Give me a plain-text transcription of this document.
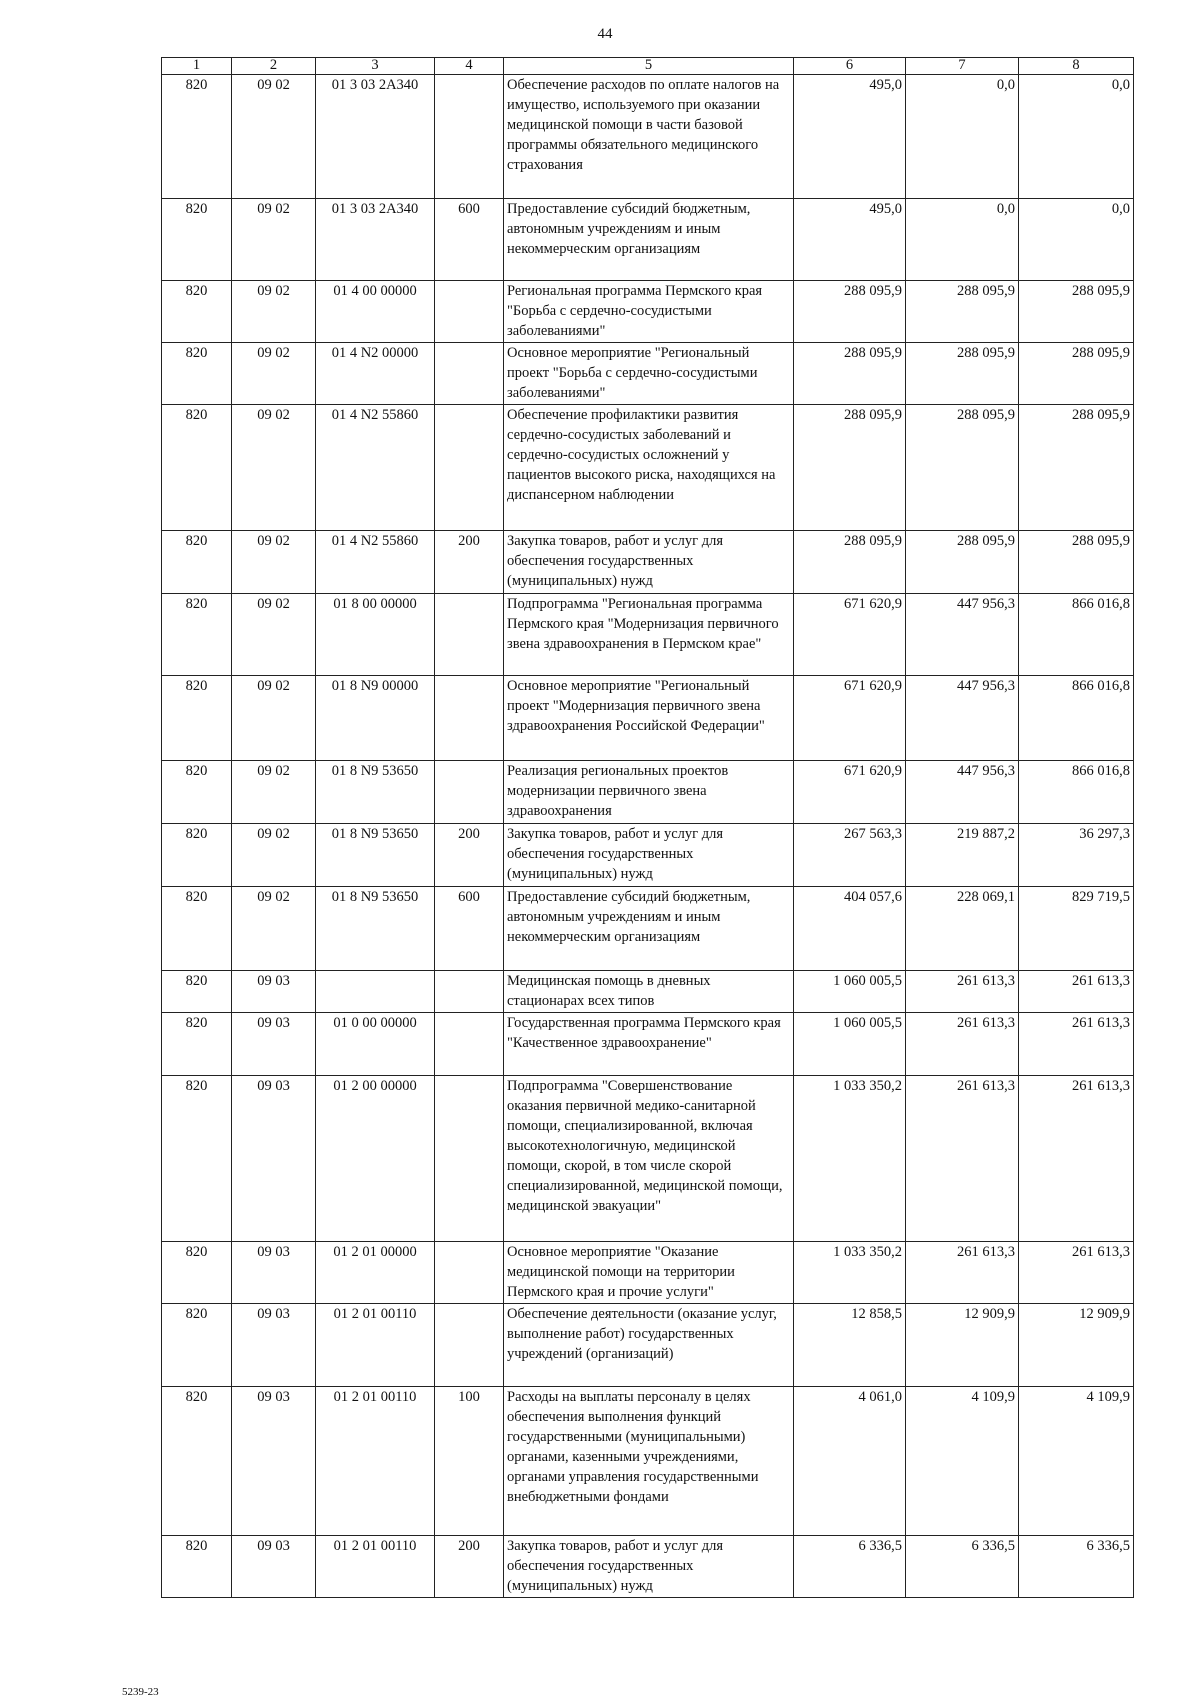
44
1	2	3	4	5	6	7	8
820	09 02	01 3 03 2А340		Обеспечение расходов по оплате налогов на имущество, используемого при оказании медицинской помощи в части базовой программы обязательного медицинского страхования	495,0	0,0	0,0
820	09 02	01 3 03 2А340	600	Предоставление субсидий бюджетным, автономным учреждениям и иным некоммерческим организациям	495,0	0,0	0,0
820	09 02	01 4 00 00000		Региональная программа Пермского края "Борьба с сердечно-сосудистыми заболеваниями"	288 095,9	288 095,9	288 095,9
820	09 02	01 4 N2 00000		Основное мероприятие "Региональный проект "Борьба с сердечно-сосудистыми заболеваниями"	288 095,9	288 095,9	288 095,9
820	09 02	01 4 N2 55860		Обеспечение профилактики развития сердечно-сосудистых заболеваний и сердечно-сосудистых осложнений у пациентов высокого риска, находящихся на диспансерном наблюдении	288 095,9	288 095,9	288 095,9
820	09 02	01 4 N2 55860	200	Закупка товаров, работ и услуг для обеспечения государственных (муниципальных) нужд	288 095,9	288 095,9	288 095,9
820	09 02	01 8 00 00000		Подпрограмма "Региональная программа Пермского края "Модернизация первичного звена здравоохранения в Пермском крае"	671 620,9	447 956,3	866 016,8
820	09 02	01 8 N9 00000		Основное мероприятие "Региональный проект "Модернизация первичного звена здравоохранения Российской Федерации"	671 620,9	447 956,3	866 016,8
820	09 02	01 8 N9 53650		Реализация региональных проектов модернизации первичного звена здравоохранения	671 620,9	447 956,3	866 016,8
820	09 02	01 8 N9 53650	200	Закупка товаров, работ и услуг для обеспечения государственных (муниципальных) нужд	267 563,3	219 887,2	36 297,3
820	09 02	01 8 N9 53650	600	Предоставление субсидий бюджетным, автономным учреждениям и иным некоммерческим организациям	404 057,6	228 069,1	829 719,5
820	09 03			Медицинская помощь в дневных стационарах всех типов	1 060 005,5	261 613,3	261 613,3
820	09 03	01 0 00 00000		Государственная программа Пермского края "Качественное здравоохранение"	1 060 005,5	261 613,3	261 613,3
820	09 03	01 2 00 00000		Подпрограмма "Совершенствование оказания первичной медико-санитарной помощи, специализированной, включая высокотехнологичную, медицинской помощи, скорой, в том числе скорой специализированной, медицинской помощи, медицинской эвакуации"	1 033 350,2	261 613,3	261 613,3
820	09 03	01 2 01 00000		Основное мероприятие "Оказание медицинской помощи на территории Пермского края и прочие услуги"	1 033 350,2	261 613,3	261 613,3
820	09 03	01 2 01 00110		Обеспечение деятельности (оказание услуг, выполнение работ) государственных учреждений (организаций)	12 858,5	12 909,9	12 909,9
820	09 03	01 2 01 00110	100	Расходы на выплаты персоналу в целях обеспечения выполнения функций государственными (муниципальными) органами, казенными учреждениями, органами управления государственными внебюджетными фондами	4 061,0	4 109,9	4 109,9
820	09 03	01 2 01 00110	200	Закупка товаров, работ и услуг для обеспечения государственных (муниципальных) нужд	6 336,5	6 336,5	6 336,5
5239-23
